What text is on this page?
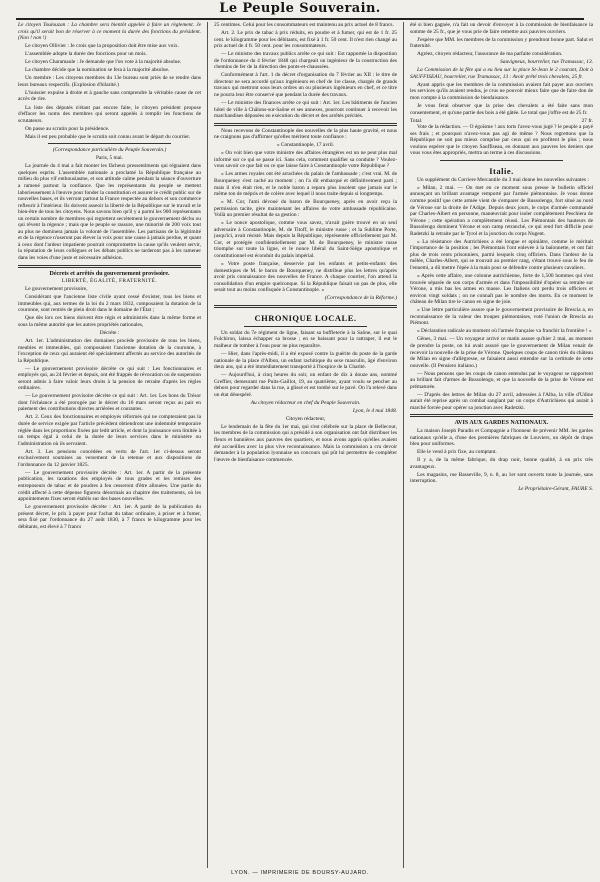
Le Peuple Souverain.

Le citoyen Toulouzan : La chambre sera bientôt appelée à faire un règlement. Je crois qu'il serait bon de réserver à ce moment la durée des fonctions du président. (Non ! non !)

Le citoyen Ollivier : Je crois que la proposition doit être mise aux voix.

L'assemblée adopte la durée des fonctions pour un mois.

Le citoyen Charamaule : Je demande que l'on vote à la majorité absolue.

La chambre décide que la nomination se fera à la majorité absolue.

Un membre : Les citoyens membres du 13e bureau sont priés de se rendre dans leurs bureaux respectifs. (Explosion d'hilarité.)

L'huissier expulse à droite et à gauche sans comprendre la véritable cause de cet accès de rire.

La liste des députés n'étant pas encore faite, le citoyen président propose d'effacer les noms des membres qui seront appelés à remplir les fonctions de scrutateurs.

On passe au scrutin pour la présidence.

Mais il est peu probable que le scrutin soit connu avant le départ du courrier.

(Correspondance particulière du Peuple Souverain.)

Paris, 5 mai.

La journée du 4 mai a fait monter les fâcheux pressentiments qui régnaient dans quelques esprits. L'assemblée nationale a proclamé la République française au milieu du plus vif enthousiasme, et son attitude calme pendant la séance d'ouverture a ramené partout la confiance. Que les représentants du peuple se mettent laborieusement à l'œuvre pour fonder la constitution et assurer le crédit public sur de nouvelles bases, et ils verront partout la France respectée au dehors et son commerce refleurir à l'intérieur. Ils doivent asseoir la liberté de la République sur le travail et le bien-être de tous les citoyens. Nous savons bien qu'il y a parmi les 900 représentants un certain nombre de membres qui regrettent secrètement le gouvernement déchu ou qui rêvent la régence ; mais que le peuple se rassure, une minorité de 200 voix tout au plus ne dominera jamais la volonté de l'assemblée. Les partisans de la légitimité et de la régence n'oseront pas élever la voix pour une cause à jamais perdue, et quant à ceux dont l'ardeur impatiente pourrait compromettre la cause qu'ils veulent servir, la réputation de leurs collègues et les débats publics ne tarderont pas à les ramener dans les voies d'une juste et nécessaire adhésion.

Décrets et arrêtés du gouvernement provisoire.

LIBERTÉ, ÉGALITÉ, FRATERNITÉ.

Le gouvernement provisoire,

Considérant que l'ancienne liste civile ayant cessé d'exister, tous les biens et immeubles qui, aux termes de la loi du 2 mars 1832, composaient la dotation de la couronne, sont rentrés de plein droit dans le domaine de l'État ;

Que dès lors ces biens doivent être régis et administrés dans la même forme et sous la même autorité que les autres propriétés nationales,

Décrète :

Art. 1er. L'administration des domaines procède provisoire de tous les biens, meubles et immeubles, qui composaient l'ancienne dotation de la couronne, à l'exception de ceux qui auraient été spécialement affectés au service des autorités de la République.

— Le gouvernement provisoire décrète ce qui suit : Les fonctionnaires et employés qui, au 24 février et depuis, ont été frappés de révocation ou de suspension seront admis à faire valoir leurs droits à la pension de retraite d'après les règles ordinaires.

— Le gouvernement provisoire décrète ce qui suit : Art. 1er. Les bons du Trésor dont l'échéance a été prorogée par le décret du 16 mars seront reçus au pair en paiement des contributions directes arriérées et courantes.

Art. 2. Ceux des fonctionnaires et employés réformés qui ne compteraient pas la durée de service exigée par l'article précédent obtiendront une indemnité temporaire réglée dans les proportions fixées par ledit article, et dont la jouissance sera limitée à un temps égal à celui de la durée de leurs services dans le ministère ou l'administration où ils servaient.

Art. 3. Les pensions concédées en vertu de l'art. 1er ci-dessus seront exclusivement soumises au versement de la retenue et aux dispositions de l'ordonnance du 12 janvier 1825.

— Le gouvernement provisoire décrète : Art. 1er. A partir de la présente publication, les taxations des employés de tous grades et les remises des entreposeurs de tabac et de poudres à feu cesseront d'être allouées. Une partie du crédit affecté à cette dépense figurera désormais au chapitre des traitements, où les appointements fixes seront établis sur des bases nouvelles.

Le gouvernement provisoire décrète : Art. 1er. A partir de la publication du présent décret, le prix à payer pour l'achat du tabac ordinaire, à priser et à fumer, sera fixé par l'ordonnance du 27 août 1830, à 7 francs le kilogramme pour les débitants, est élevé à 7 francs

25 centimes. Celui pour les consommateurs est maintenu au prix actuel de 8 francs.

Art. 2. Le prix de tabac à prix réduits, en poudre et à fumer, qui est de 1 fr. 25 cent. le kilogramme pour les débitants, est fixé à 1 fr. 50 cent. Il n'est rien changé au prix actuel de 4 fr. 50 cent. pour les consommateurs.

— Le ministre des travaux publics arrête ce qui suit : Est rapportée la disposition de l'ordonnance du 4 février 1848 qui chargeait un ingénieur de la construction des chemins de fer de la direction des ponts-et-chaussées.

Conformément à l'art. 1 du décret d'organisation du 7 février au XII : le titre de directeur ne sera accordé qu'aux ingénieurs en chef de 1re classe, chargés de grands travaux qui mettront sous leurs ordres un ou plusieurs ingénieurs en chef, et ce titre ne pourra leur être conservé que pendant la durée des travaux.

— Le ministre des finances arrête ce qui suit : Art. 1er. Les bâtiments de l'ancien hôtel de ville à Châlons-sur-Saône et ses annexes, pourront continuer à recevoir les marchandises déposées en exécution du décret et des arrêtés précités.

Nous recevons de Constantinople des nouvelles de la plus haute gravité, et nous ne craignons pas d'affirmer qu'elles méritent toute confiance :

« Constantinople, 17 avril.

« On voit bien que votre ministre des affaires étrangères est un ne peut plus mal informé sur ce qui se passe ici. Sans cela, comment qualifier sa conduite ? Voulez-vous savoir ce que fait ou ce que laisse faire à Constantinople votre République ?

« Les armes royales ont été arrachées du palais de l'ambassade ; c'est vrai. M. de Bourqueney s'est caché au moment ; on l'a dit embarqué et définitivement parti ; mais il n'en était rien, et le noble baron a reparu plus insolent que jamais sur le même ton de mépris et de colère avec lequel il nous traite depuis si longtemps.

« M. Cor, l'ami dévoué du baron de Bourqueney, après en avoir reçu la permission tacite, gère maintenant les affaires de votre ambassade républicaine. Voilà un premier résultat de sa gestion :

« Le nonce apostolique, comme vous savez, n'avait guère trouvé en un seul adversaire à Constantinople, M. de Titoff, le ministre russe ; et la Sublime Porte, jusqu'ici, avait résisté. Mais depuis la République, réprésentée officiellement par M. Cor, et protégée confidentiellement par M. de Bourqueney, le ministre russe triomphe sur toute la ligne, et le nonce libéral du Saint-Siège apostolique et constitutionnel est éconduit du palais impérial.

« Votre poste française, desservie par les enfants et petits-enfants des domestiques de M. le baron de Bourqueney, ne distribue plus les lettres qu'après avoir pris connaissance des nouvelles de France. A chaque courrier, l'on attend la consolidation d'un empire quelconque. Si la République faisait un pas de plus, elle serait tout au moins confisquée à Constantinople. »

(Correspondance de la Réforme.)

CHRONIQUE LOCALE.

Un soldat du 7e régiment de ligne, faisant sa buffleterie à la Saône, sur le quai Fulchiron, laissa échapper sa brosse ; en se baissant pour la rattraper, il eut le malheur de tomber à l'eau pour ne plus reparaître.

— Hier, dans l'après-midi, il a été exposé contre la guérite du poste de la garde nationale de la place d'Albon, un enfant rachitique du sexe masculin, âgé d'environ deux ans, qui a été immédiatement transporté à l'hospice de la Charité.

— Aujourd'hui, à cinq heures du soir, un enfant de dix à douze ans, nommé Greffier, demeurant rue Puits-Gaillot, 19, au quatrième, ayant voulu se pencher au dehors pour regarder dans la rue, a glissé et est tombé sur le pavé. On l'a relevé dans un état désespéré.

Au citoyen rédacteur en chef du Peuple Souverain.

Lyon, le 4 mai 1848.

Citoyen rédacteur,

Le lendemain de la fête du 1er mai, qui s'est célébrée sur la place de Bellecour, les membres de la commission qui a présidé à son organisation ont fait distribuer les fleurs et bannières aux pauvres des quartiers, et nous avons appris qu'elles avaient été accueillies avec la plus vive reconnaissance. Mais la commission a cru devoir demander à la population lyonnaise un concours qui pût lui permettre de compléter l'œuvre de bienfaisance commencée.

été si bien gagnée, n'a fait un devoir d'envoyer à la commission de bienfaisance la somme de 25 fr., que je vous prie de faire remettre aux pauvres ouvriers.

J'espère que MM. les membres de la commission y prendront bonne part. Salut et fraternité.

Agréez, citoyen rédacteur, l'assurance de ma parfaite considération.

Sauvigneux, bourrelier, rue Tramassac, 13.

La Commission de la fête qui a eu lieu sur la place St-Jean le 2 courant, Doit à SAUFFISEAU, bourrelier, rue Tramassac, 13 : Avoir prêté trois chevalets, 25 fr.

Ayant appris que les membres de la commission avaient fait payer aux ouvriers les services qu'ils avaient rendus, je crus ne pouvoir mieux faire que de faire don de mon compte à la commission de bienfaisance.

Je vous ferai observer que la prise des chevalets a été faite sans mon consentement, et qu'une partie des bois a été gâtée. Le total que j'offre est de 25 fr.

Total.	27 fr.

Vote de la rédaction. — O égoïsme ! aux torts l'avez-vous jugé ? le peuple a payé ses frais ; et pourquoi n'avez-vous pas agi de même ? Nous regrettons que la République ne soit pas mieux comprise par ceux qui en profitent le plus ; nous voulons espérer que le citoyen Sauffiseau, en donnant aux pauvres les deniers que vous vous êtes appropriés, mettra un terme à ces discussions.

Italie.

Un supplément du Corriere Mercantile du 3 mai donne les nouvelles suivantes :

« Milan, 2 mai. — On met en ce moment sous presse le bulletin officiel annonçant un brillant avantage remporté par l'armée piémontaise. Je vous donne comme positif que cette armée vient de s'emparer de Bussolengo, fort situé au nord de Vérone sur la droite de l'Adige. Depuis deux jours, le corps d'armée commandé par Charles-Albert en personne, manœuvrait pour isoler complètement Peschiera de Vérone ; cette opération a complètement réussi. Les Piémontais des hauteurs de Bussolengo dominent Vérone et son camp retranché, ce qui rend fort difficile pour Radetzki la retraite par le Tyrol et la jonction du corps Nugent.

« La résistance des Autrichiens a été longue et opiniâtre, comme le méritait l'importance de la position ; les Piémontais l'ont enlevée à la baïonnette, et ont fait plus de trois cents prisonniers, parmi lesquels cinq officiers. Dans l'ardeur de la mêlée, Charles-Albert, qui se trouvait au premier rang, s'étant trouvé sous le feu de l'ennemi, a dû mettre l'épée à la main pour se défendre contre plusieurs cavaliers.

« Après cette affaire, une colonne autrichienne, forte de 1,500 hommes qui s'est trouvée séparée de son corps d'armée et dans l'impossibilité d'opérer sa retraite sur Vérone, a mis bas les armes en masse. Les Italiens ont perdu trois officiers et environ vingt soldats ; on ne connaît pas le nombre des morts. En ce moment le château de Milan tire le canon en signe de joie.

« Une lettre particulière assure que le gouvernement provisoire de Brescia a, en reconnaissance de la valeur des troupes piémontaises, voté l'union de Brescia au Piémont.

« Déclaration radicale au moment où l'armée française va franchir la frontière ! »

Gênes, 3 mai. — Un voyageur arrivé ce matin assure qu'hier 2 mai, au moment de prendre la poste, on lui avait assuré que le gouvernement de Milan venait de recevoir la nouvelle de la prise de Vérone. Quelques coups de canon tirés du château de Milan en signe d'allégresse, se faisaient aussi entendre sur la certitude de cette nouvelle. (Il Pensiero italiano.)

— Nous pensons que les coups de canon entendus par le voyageur se rapportent au brillant fait d'armes de Bussolengo, et que la nouvelle de la prise de Vérone est prématurée.

— D'après des lettres de Milan du 27 avril, adressées à l'Alba, la ville d'Udine aurait été reprise après un combat sanglant par un corps d'Autrichiens qui aurait à marché forcée pour opérer sa jonction avec Radetzki.

AVIS AUX GARDES NATIONAUX.

La maison Joseph Paradis et Compagnie a l'honneur de prévenir MM. les gardes nationaux qu'elle a, d'une des premières fabriques de Louviers, un dépôt de draps bleu pour uniformes.

Elle le vend à prix fixe, au comptant.

Il y a, de la même fabrique, du drap noir, bonne qualité, à un prix très avantageux.

Les magasins, rue Basseville, 9, n. 8, au 1er sont ouverts toute la journée, sans interruption.

Le Propriétaire-Gérant, FAURE S.

LYON. — IMPRIMERIE DE BOURSY-AUJARD.
